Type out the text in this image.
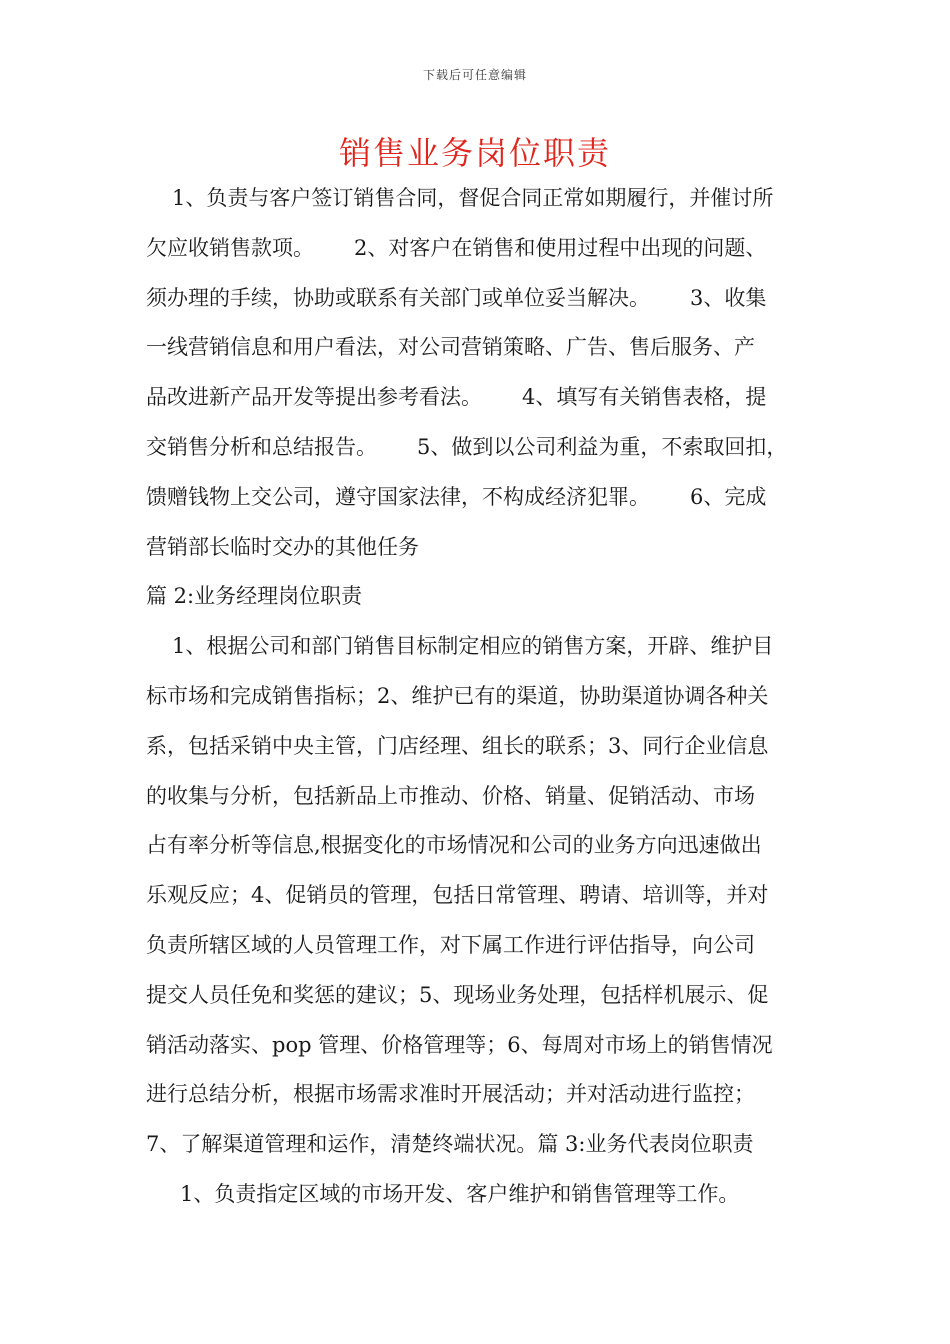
下载后可任意编辑
销售业务岗位职责
1、负责与客户签订销售合同，督促合同正常如期履行，并催讨所
欠应收销售款项。      2、对客户在销售和使用过程中出现的问题、
须办理的手续，协助或联系有关部门或单位妥当解决。      3、收集
一线营销信息和用户看法，对公司营销策略、广告、售后服务、产
品改进新产品开发等提出参考看法。      4、填写有关销售表格，提
交销售分析和总结报告。      5、做到以公司利益为重，不索取回扣，
馈赠钱物上交公司，遵守国家法律，不构成经济犯罪。      6、完成
营销部长临时交办的其他任务
篇 2:业务经理岗位职责
1、根据公司和部门销售目标制定相应的销售方案，开辟、维护目
标市场和完成销售指标；2、维护已有的渠道，协助渠道协调各种关
系，包括采销中央主管，门店经理、组长的联系；3、同行企业信息
的收集与分析，包括新品上市推动、价格、销量、促销活动、市场
占有率分析等信息,根据变化的市场情况和公司的业务方向迅速做出
乐观反应；4、促销员的管理，包括日常管理、聘请、培训等，并对
负责所辖区域的人员管理工作，对下属工作进行评估指导，向公司
提交人员任免和奖惩的建议；5、现场业务处理，包括样机展示、促
销活动落实、pop 管理、价格管理等；6、每周对市场上的销售情况
进行总结分析，根据市场需求准时开展活动；并对活动进行监控；
7、了解渠道管理和运作，清楚终端状况。篇 3:业务代表岗位职责
1、负责指定区域的市场开发、客户维护和销售管理等工作。
